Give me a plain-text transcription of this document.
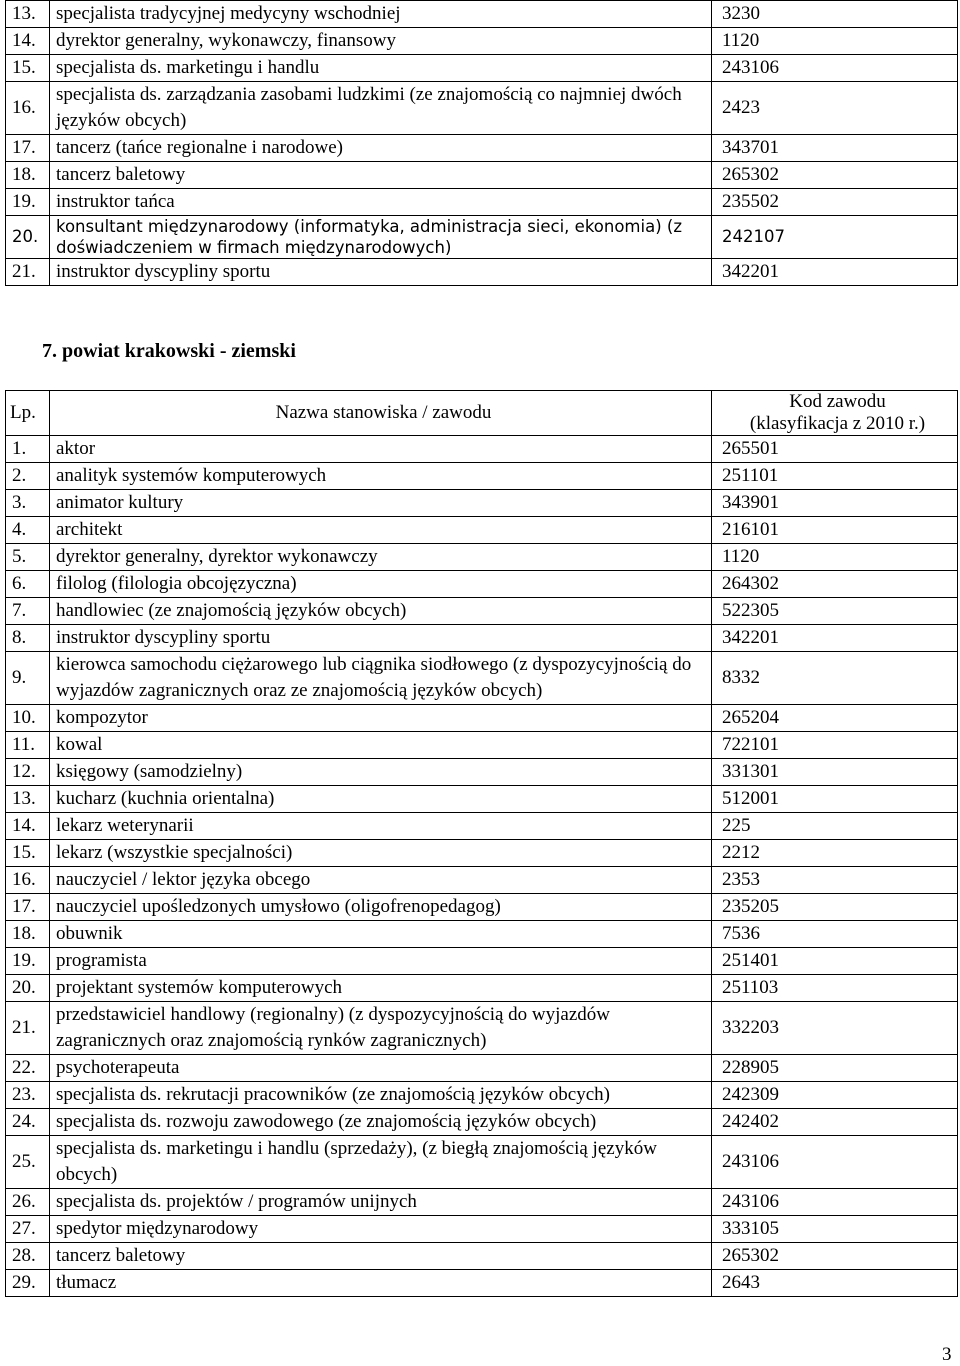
13.	specjalista tradycyjnej medycyny wschodniej	3230
14.	dyrektor generalny, wykonawczy, finansowy	1120
15.	specjalista ds. marketingu i handlu	243106
16.	specjalista ds. zarządzania zasobami ludzkimi (ze znajomością co najmniej dwóch języków obcych)	2423
17.	tancerz (tańce regionalne i narodowe)	343701
18.	tancerz baletowy	265302
19.	instruktor tańca	235502
20.	konsultant międzynarodowy (informatyka, administracja sieci, ekonomia) (z doświadczeniem w firmach międzynarodowych)	242107
21.	instruktor dyscypliny sportu	342201
7. powiat krakowski - ziemski
Lp.	Nazwa stanowiska / zawodu	Kod zawodu
(klasyfikacja z 2010 r.)

1.	aktor	265501
2.	analityk systemów komputerowych	251101
3.	animator kultury	343901
4.	architekt	216101
5.	dyrektor generalny, dyrektor wykonawczy	1120
6.	filolog (filologia obcojęzyczna)	264302
7.	handlowiec (ze znajomością języków obcych)	522305
8.	instruktor dyscypliny sportu	342201
9.	kierowca samochodu ciężarowego lub ciągnika siodłowego (z dyspozycyjnością do wyjazdów zagranicznych oraz ze znajomością języków obcych)	8332
10.	kompozytor	265204
11.	kowal	722101
12.	księgowy (samodzielny)	331301
13.	kucharz (kuchnia orientalna)	512001
14.	lekarz weterynarii	225
15.	lekarz (wszystkie specjalności)	2212
16.	nauczyciel / lektor języka obcego	2353
17.	nauczyciel upośledzonych umysłowo (oligofrenopedagog)	235205
18.	obuwnik	7536
19.	programista	251401
20.	projektant systemów komputerowych	251103
21.	przedstawiciel handlowy (regionalny) (z dyspozycyjnością do wyjazdów zagranicznych oraz znajomością rynków zagranicznych)	332203
22.	psychoterapeuta	228905
23.	specjalista ds. rekrutacji pracowników (ze znajomością języków obcych)	242309
24.	specjalista ds. rozwoju zawodowego (ze znajomością języków obcych)	242402
25.	specjalista ds. marketingu i handlu (sprzedaży), (z biegłą znajomością języków obcych)	243106
26.	specjalista ds. projektów / programów unijnych	243106
27.	spedytor międzynarodowy	333105
28.	tancerz baletowy	265302
29.	tłumacz	2643
3
